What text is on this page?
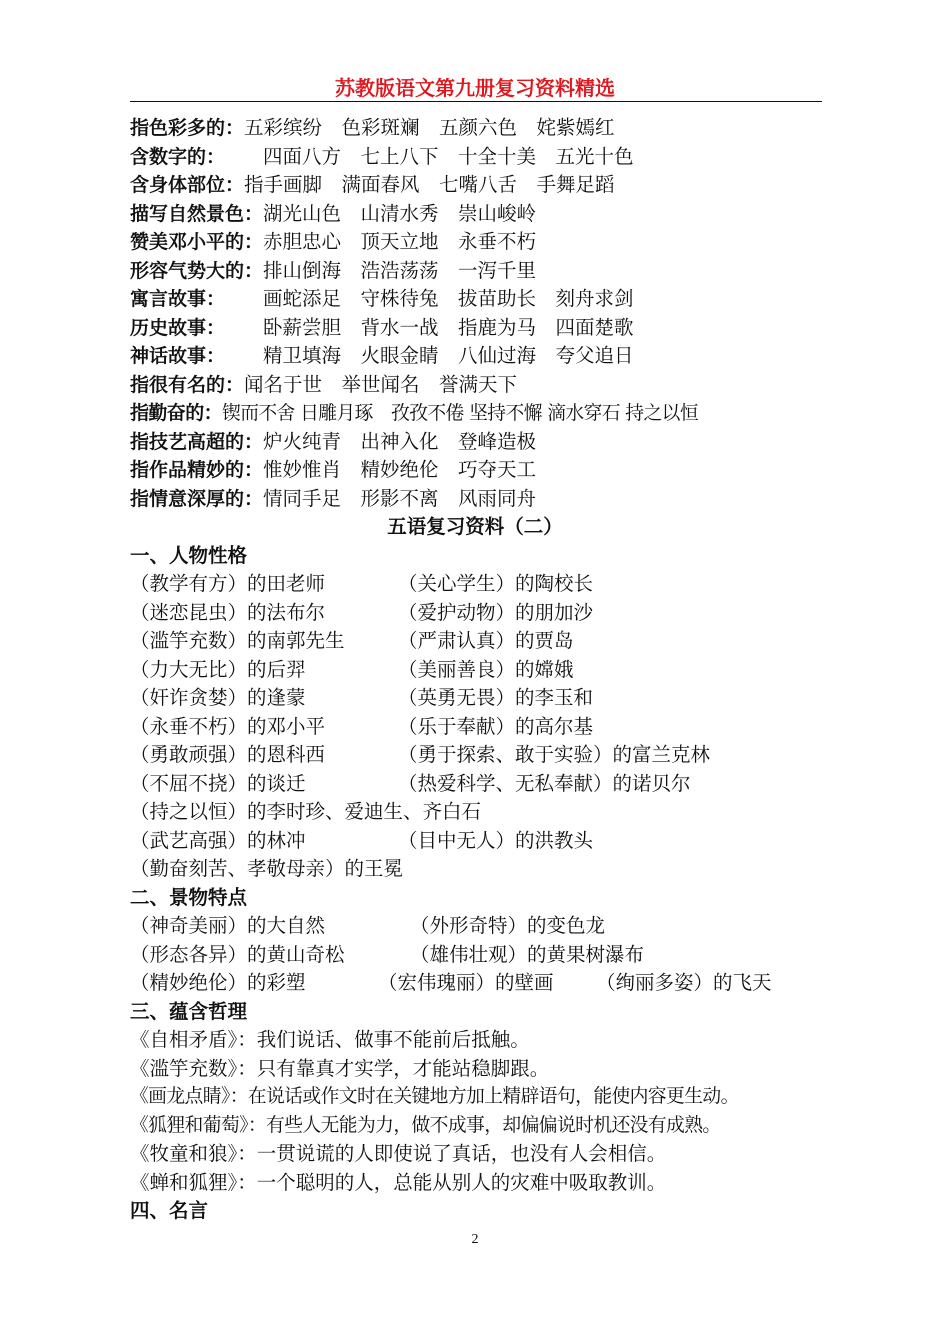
苏教版语文第九册复习资料精选
指色彩多的：五彩缤纷　色彩斑斓　五颜六色　姹紫嫣红
含数字的： 四面八方　七上八下　十全十美　五光十色
含身体部位：指手画脚　满面春风　七嘴八舌　手舞足蹈
描写自然景色：湖光山色　山清水秀　崇山峻岭
赞美邓小平的：赤胆忠心　顶天立地　永垂不朽
形容气势大的：排山倒海　浩浩荡荡　一泻千里
寓言故事： 画蛇添足　守株待兔　拔苗助长　刻舟求剑
历史故事： 卧薪尝胆　背水一战　指鹿为马　四面楚歌
神话故事： 精卫填海　火眼金睛　八仙过海　夸父追日
指很有名的：闻名于世　举世闻名　誉满天下
指勤奋的：锲而不舍 日雕月琢　孜孜不倦 坚持不懈 滴水穿石 持之以恒
指技艺高超的：炉火纯青　出神入化　登峰造极
指作品精妙的：惟妙惟肖　精妙绝伦　巧夺天工
指情意深厚的：情同手足　形影不离　风雨同舟
五语复习资料（二）
一、人物性格
（教学有方）的田老师	（关心学生）的陶校长
（迷恋昆虫）的法布尔	（爱护动物）的朋加沙
（滥竽充数）的南郭先生	（严肃认真）的贾岛
（力大无比）的后羿	（美丽善良）的嫦娥
（奸诈贪婪）的逢蒙	（英勇无畏）的李玉和
（永垂不朽）的邓小平	（乐于奉献）的高尔基
（勇敢顽强）的恩科西	（勇于探索、敢于实验）的富兰克林
（不屈不挠）的谈迁	（热爱科学、无私奉献）的诺贝尔
（持之以恒）的李时珍、爱迪生、齐白石
（武艺高强）的林冲	（目中无人）的洪教头
（勤奋刻苦、孝敬母亲）的王冕
二、景物特点
（神奇美丽）的大自然	（外形奇特）的变色龙
（形态各异）的黄山奇松	（雄伟壮观）的黄果树瀑布
（精妙绝伦）的彩塑	（宏伟瑰丽）的壁画 （绚丽多姿）的飞天
三、蕴含哲理
《自相矛盾》：我们说话、做事不能前后抵触。
《滥竽充数》：只有靠真才实学，才能站稳脚跟。
《画龙点睛》：在说话或作文时在关键地方加上精辟语句，能使内容更生动。
《狐狸和葡萄》：有些人无能为力，做不成事，却偏偏说时机还没有成熟。
《牧童和狼》：一贯说谎的人即使说了真话，也没有人会相信。
《蝉和狐狸》：一个聪明的人，总能从别人的灾难中吸取教训。
四、名言
2
